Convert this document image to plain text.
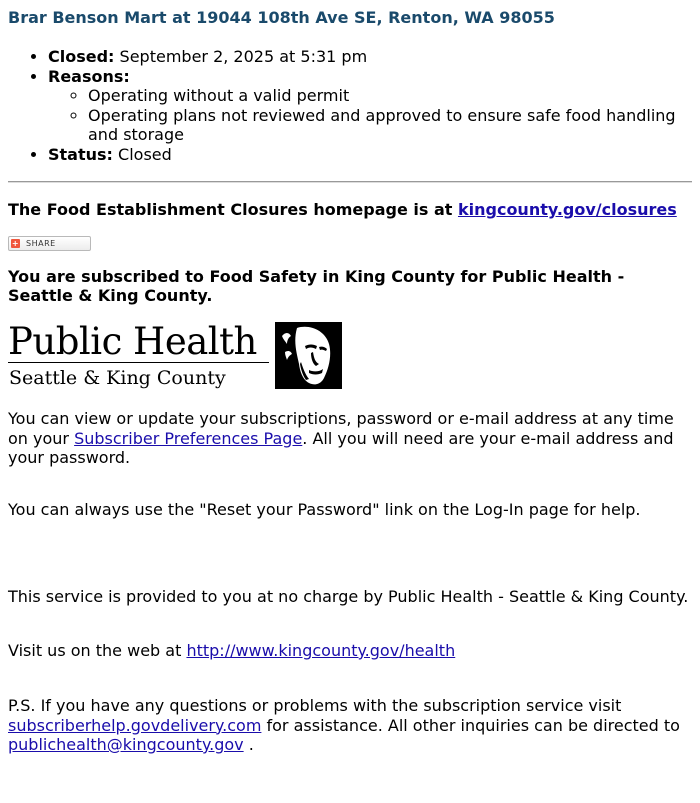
Brar Benson Mart at 19044 108th Ave SE, Renton, WA 98055
• Closed: September 2, 2025 at 5:31 pm
• Reasons:
◦ Operating without a valid permit
◦ Operating plans not reviewed and approved to ensure safe food handling and storage
• Status: Closed

The Food Establishment Closures homepage is at kingcounty.gov/closures

+ SHARE

You are subscribed to Food Safety in King County for Public Health - Seattle & King County.

Public Health
Seattle & King County

You can view or update your subscriptions, password or e-mail address at any time on your Subscriber Preferences Page. All you will need are your e-mail address and your password.

You can always use the "Reset your Password" link on the Log-In page for help.

This service is provided to you at no charge by Public Health - Seattle & King County.

Visit us on the web at http://www.kingcounty.gov/health

P.S. If you have any questions or problems with the subscription service visit subscriberhelp.govdelivery.com for assistance. All other inquiries can be directed to publichealth@kingcounty.gov .
